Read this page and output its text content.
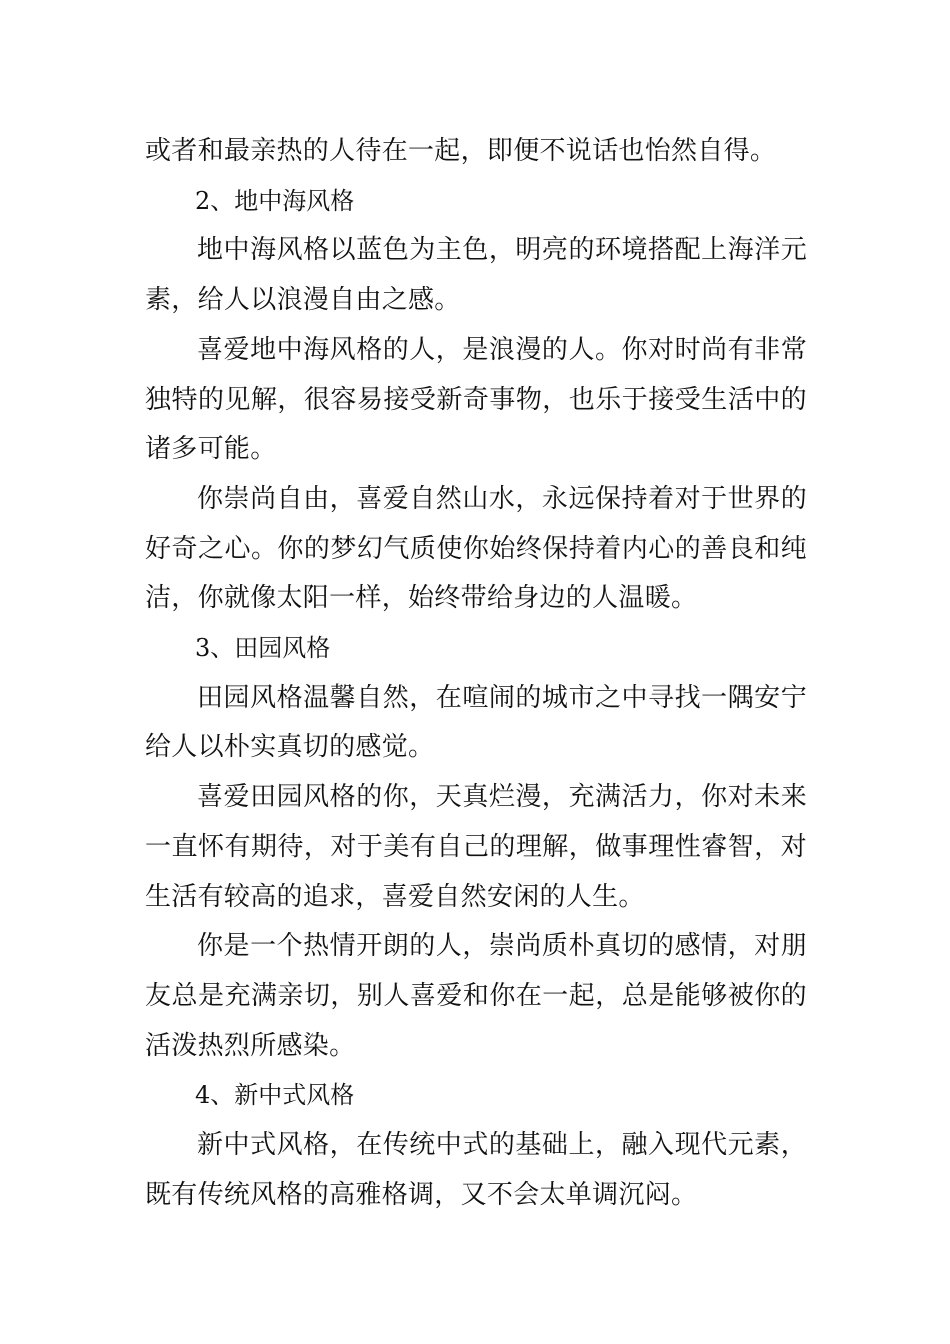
或者和最亲热的人待在一起，即便不说话也怡然自得。

2、地中海风格

地中海风格以蓝色为主色，明亮的环境搭配上海洋元素，给人以浪漫自由之感。

喜爱地中海风格的人，是浪漫的人。你对时尚有非常独特的见解，很容易接受新奇事物，也乐于接受生活中的诸多可能。

你崇尚自由，喜爱自然山水，永远保持着对于世界的好奇之心。你的梦幻气质使你始终保持着内心的善良和纯洁，你就像太阳一样，始终带给身边的人温暖。

3、田园风格

田园风格温馨自然，在喧闹的城市之中寻找一隅安宁给人以朴实真切的感觉。

喜爱田园风格的你，天真烂漫，充满活力，你对未来一直怀有期待，对于美有自己的理解，做事理性睿智，对生活有较高的追求，喜爱自然安闲的人生。

你是一个热情开朗的人，崇尚质朴真切的感情，对朋友总是充满亲切，别人喜爱和你在一起，总是能够被你的活泼热烈所感染。

4、新中式风格

新中式风格，在传统中式的基础上，融入现代元素，既有传统风格的高雅格调，又不会太单调沉闷。
